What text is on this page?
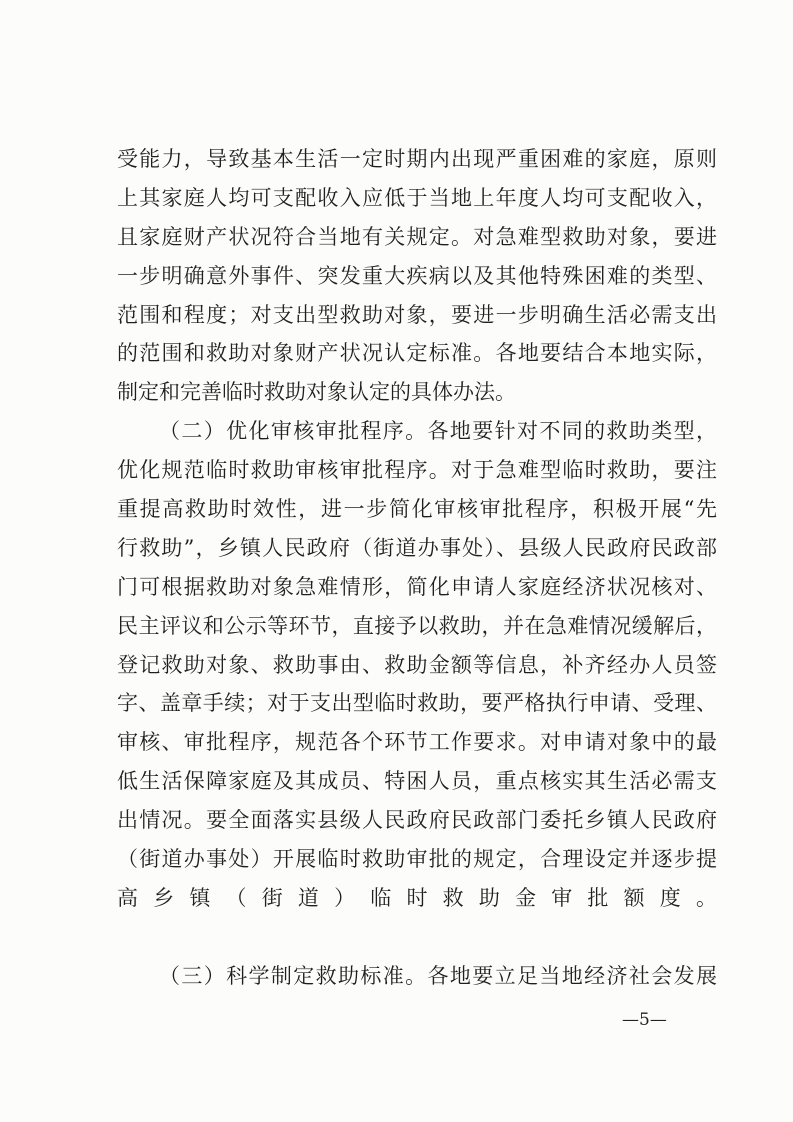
受能力，导致基本生活一定时期内出现严重困难的家庭，原则
上其家庭人均可支配收入应低于当地上年度人均可支配收入，
且家庭财产状况符合当地有关规定。对急难型救助对象，要进
一步明确意外事件、突发重大疾病以及其他特殊困难的类型、
范围和程度；对支出型救助对象，要进一步明确生活必需支出
的范围和救助对象财产状况认定标准。各地要结合本地实际，
制定和完善临时救助对象认定的具体办法。
（二）优化审核审批程序。各地要针对不同的救助类型，
优化规范临时救助审核审批程序。对于急难型临时救助，要注
重提高救助时效性，进一步简化审核审批程序，积极开展“先
行救助”，乡镇人民政府（街道办事处）、县级人民政府民政部
门可根据救助对象急难情形，简化申请人家庭经济状况核对、
民主评议和公示等环节，直接予以救助，并在急难情况缓解后，
登记救助对象、救助事由、救助金额等信息，补齐经办人员签
字、盖章手续；对于支出型临时救助，要严格执行申请、受理、
审核、审批程序，规范各个环节工作要求。对申请对象中的最
低生活保障家庭及其成员、特困人员，重点核实其生活必需支
出情况。要全面落实县级人民政府民政部门委托乡镇人民政府
（街道办事处）开展临时救助审批的规定，合理设定并逐步提
高乡镇（街道）临时救助金审批额度。
（三）科学制定救助标准。各地要立足当地经济社会发展
—5—
